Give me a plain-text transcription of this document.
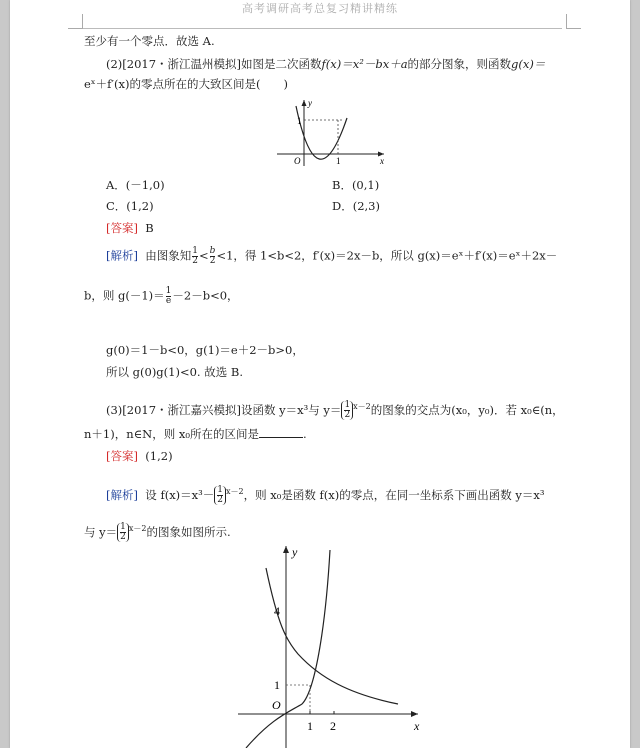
高考调研高考总复习精讲精练
至少有一个零点．故选 A.
(2)[2017・浙江温州模拟]如图是二次函数f(x)＝x²－bx＋a的部分图象，则函数g(x)＝
eˣ＋f′(x)的零点所在的大致区间是(　　)
y
x
O
1
1
A．(－1,0)	B．(0,1)
C．(1,2)	D．(2,3)
[答案] B
[解析] 由图象知 $\frac{1}{2} < \frac{b}{2} <1$，得 1<b<2，f′(x)＝2x－b，所以 g(x)＝eˣ＋f′(x)＝eˣ＋2x－
b，则 $g(-1)= \frac{1}{e} -2-b<0$，
g(0)＝1－b<0，g(1)＝e＋2－b>0，
所以 g(0)g(1)<0. 故选 B.
(3)[2017・浙江嘉兴模拟]设函数 y＝x³与 $y= \frac{1}{2} ^{x-2}$的图象的交点为(x₀，y₀)．若 x₀∈(n，
n＋1)，n∈N，则 x₀所在的区间是	.
[答案] (1,2)
[解析] 设 $f(x)=x^3- \frac{1}{2} ^{x-2}$，则 x₀是函数 f(x)的零点，在同一坐标系下画出函数 y＝x³
与 $y= \frac{1}{2} ^{x-2}$的图象如图所示.
y
x
O
4
1
1 2
